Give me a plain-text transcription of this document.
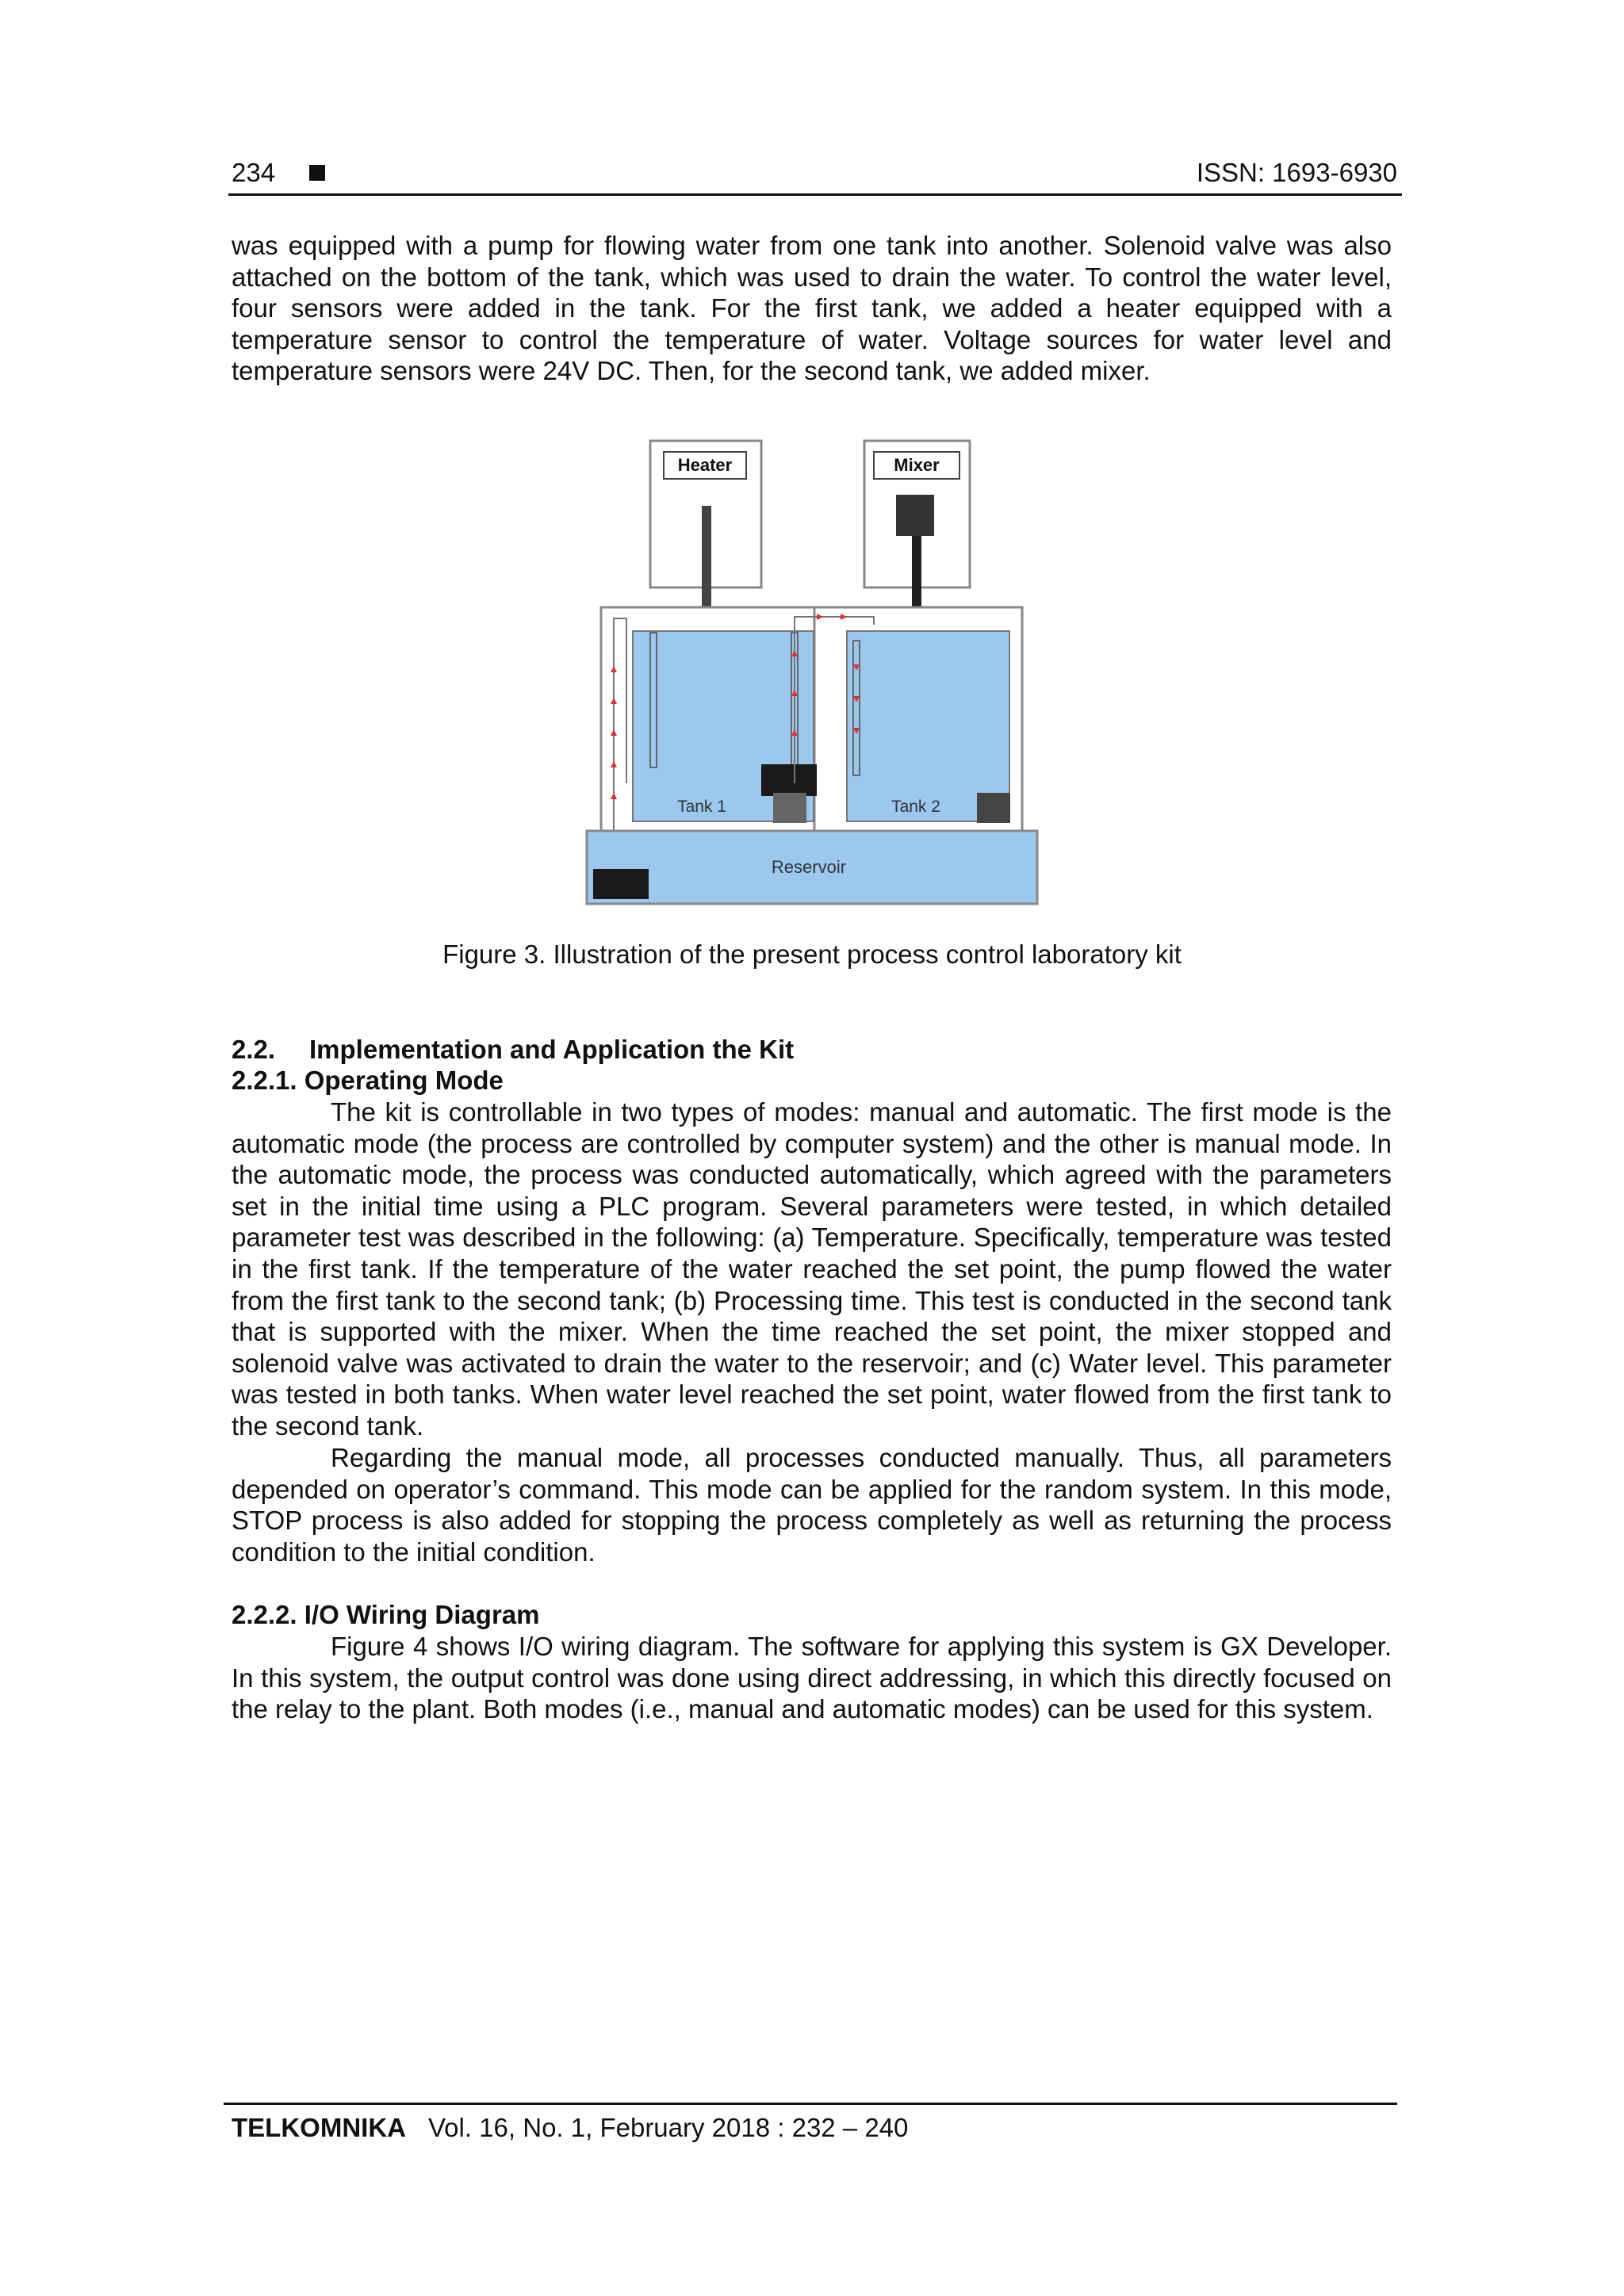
234	ISSN: 1693-6930

was equipped with a pump for flowing water from one tank into another. Solenoid valve was also attached on the bottom of the tank, which was used to drain the water. To control the water level, four sensors were added in the tank. For the first tank, we added a heater equipped with a temperature sensor to control the temperature of water. Voltage sources for water level and temperature sensors were 24V DC. Then, for the second tank, we added mixer.

Heater	Mixer
Tank 1	Tank 2
Reservoir
Figure 3. Illustration of the present process control laboratory kit

2.2. Implementation and Application the Kit

2.2.1. Operating Mode

The kit is controllable in two types of modes: manual and automatic. The first mode is the automatic mode (the process are controlled by computer system) and the other is manual mode. In the automatic mode, the process was conducted automatically, which agreed with the parameters set in the initial time using a PLC program. Several parameters were tested, in which detailed parameter test was described in the following: (a) Temperature. Specifically, temperature was tested in the first tank. If the temperature of the water reached the set point, the pump flowed the water from the first tank to the second tank; (b) Processing time. This test is conducted in the second tank that is supported with the mixer. When the time reached the set point, the mixer stopped and solenoid valve was activated to drain the water to the reservoir; and (c) Water level. This parameter was tested in both tanks. When water level reached the set point, water flowed from the first tank to the second tank.

Regarding the manual mode, all processes conducted manually. Thus, all parameters depended on operator’s command. This mode can be applied for the random system. In this mode, STOP process is also added for stopping the process completely as well as returning the process condition to the initial condition.

2.2.2. I/O Wiring Diagram

Figure 4 shows I/O wiring diagram. The software for applying this system is GX Developer. In this system, the output control was done using direct addressing, in which this directly focused on the relay to the plant. Both modes (i.e., manual and automatic modes) can be used for this system.

TELKOMNIKA Vol. 16, No. 1, February 2018 : 232 – 240
